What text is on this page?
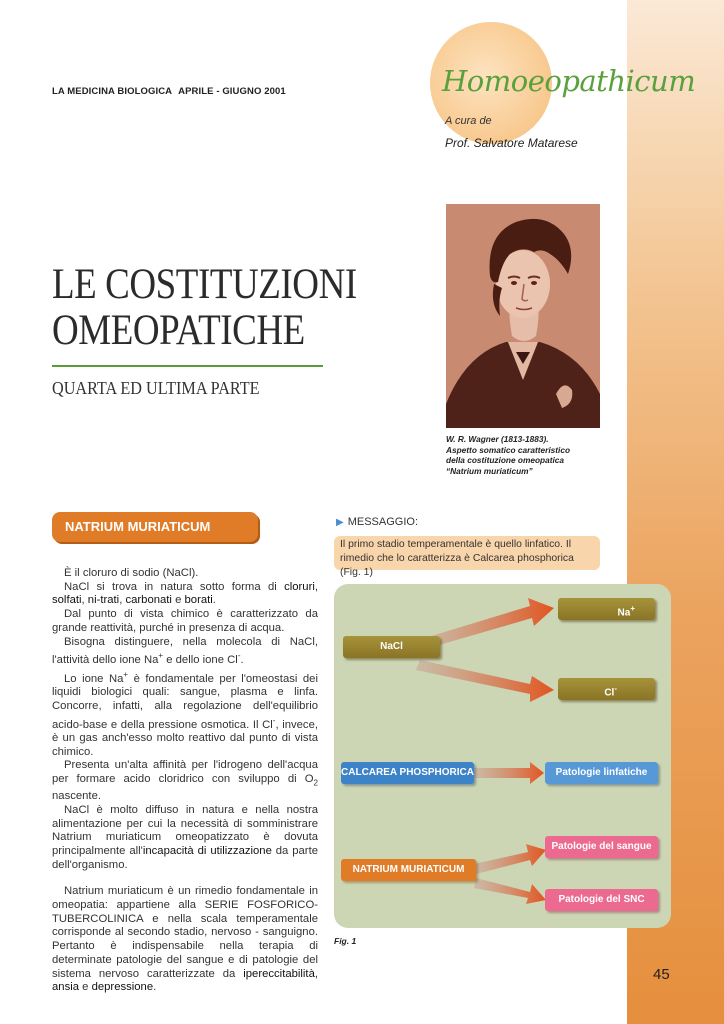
LA MEDICINA BIOLOGICA APRILE - GIUGNO 2001	Homoeopathicum
A cura de
Prof. Salvatore Matarese
W. R. Wagner (1813-1883).
Aspetto somatico caratteristico
della costituzione omeopatica
“Natrium muriaticum”
LE COSTITUZIONI
OMEOPATICHE
QUARTA ED ULTIMA PARTE
NATRIUM MURIATICUM

È il cloruro di sodio (NaCl).

NaCl si trova in natura sotto forma di cloruri, solfati, ni-trati, carbonati e borati.

Dal punto di vista chimico è caratterizzato da grande reattività, purché in presenza di acqua.

Bisogna distinguere, nella molecola di NaCl, l'attività dello ione Na+ e dello ione Cl-.

Lo ione Na+ è fondamentale per l'omeostasi dei liquidi biologici quali: sangue, plasma e linfa. Concorre, infatti, alla regolazione dell'equilibrio acido-base e della pressione osmotica. Il Cl-, invece, è un gas anch'esso molto reattivo dal punto di vista chimico.

Presenta un'alta affinità per l'idrogeno dell'acqua per formare acido cloridrico con sviluppo di $O_2$ nascente.

NaCl è molto diffuso in natura e nella nostra alimentazione per cui la necessità di somministrare Natrium muriaticum omeopatizzato è dovuta principalmente all'incapacità di utilizzazione da parte dell'organismo.

Natrium muriaticum è un rimedio fondamentale in omeopatia: appartiene alla SERIE FOSFORICO-TUBERCOLINICA e nella scala temperamentale corrisponde al secondo stadio, nervoso - sanguigno. Pertanto è indispensabile nella terapia di determinate patologie del sangue e di patologie del sistema nervoso caratterizzate da ipereccitabilità, ansia e depressione.

▶ MESSAGGIO:
Il primo stadio temperamentale è quello linfatico. Il rimedio che lo caratterizza è Calcarea phosphorica (Fig. 1)
NaCl
Na+
Cl-
CALCAREA PHOSPHORICA	Patologie linfatiche
NATRIUM MURIATICUM
Patologie del sangue
Patologie del SNC
Fig. 1
45
